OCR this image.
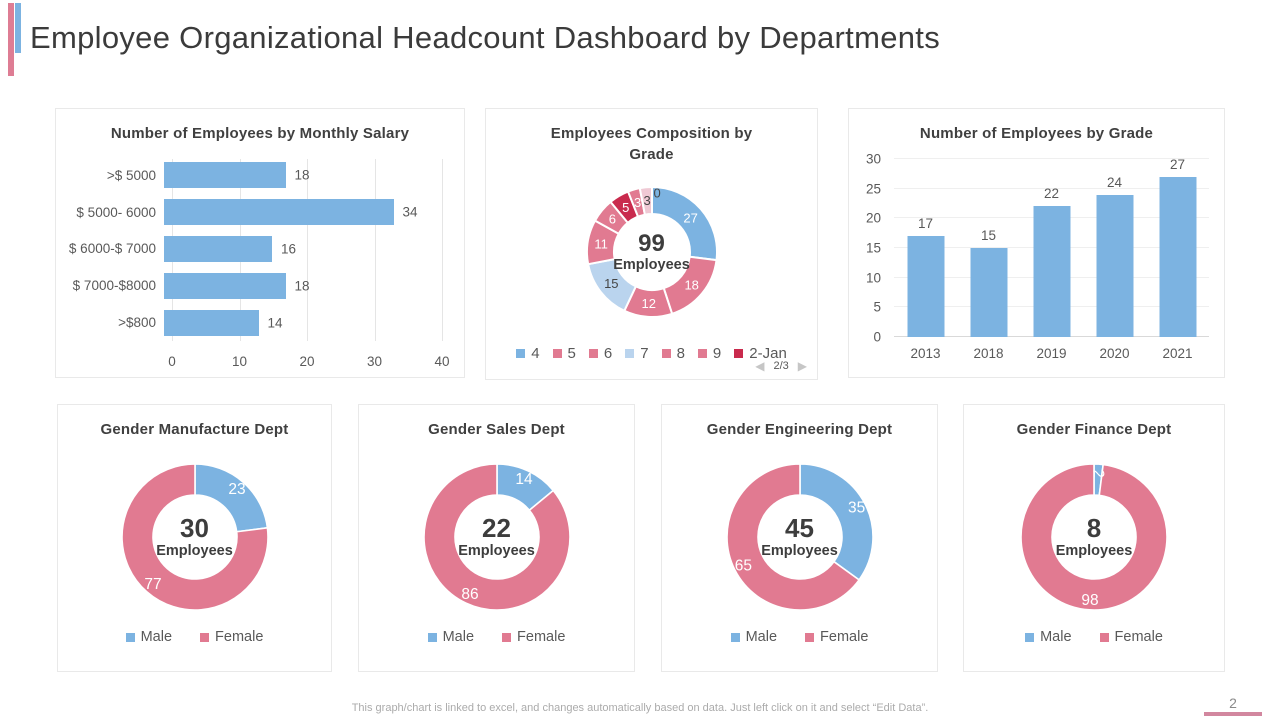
Employee Organizational Headcount Dashboard by Departments
Number of Employees by Monthly Salary
>$ 5000	18
$ 5000- 6000	34
$ 6000-$ 7000	16
$ 7000-$8000	18
>$800	14
0	10	20	30	40
Employees Composition by Grade
27
18
12
15
11
6
5 3 3
0
99
Employees
4 5 6 7 8 9 2-Jan
◀ 2/3 ▶
Number of Employees by Grade
17
2013
15
2018
22
2019
24
2020
27
2021
0
5
10
15
20
25
30
Gender Manufacture Dept
23
77
30
Employees
Male	Female
Gender Sales Dept
14
86
22
Employees
Male	Female
Gender Engineering Dept
35
65
45
Employees
Male	Female
Gender Finance Dept
2
98
8
Employees
Male	Female

This graph/chart is linked to excel, and changes automatically based on data. Just left click on it and select “Edit Data”.	2
